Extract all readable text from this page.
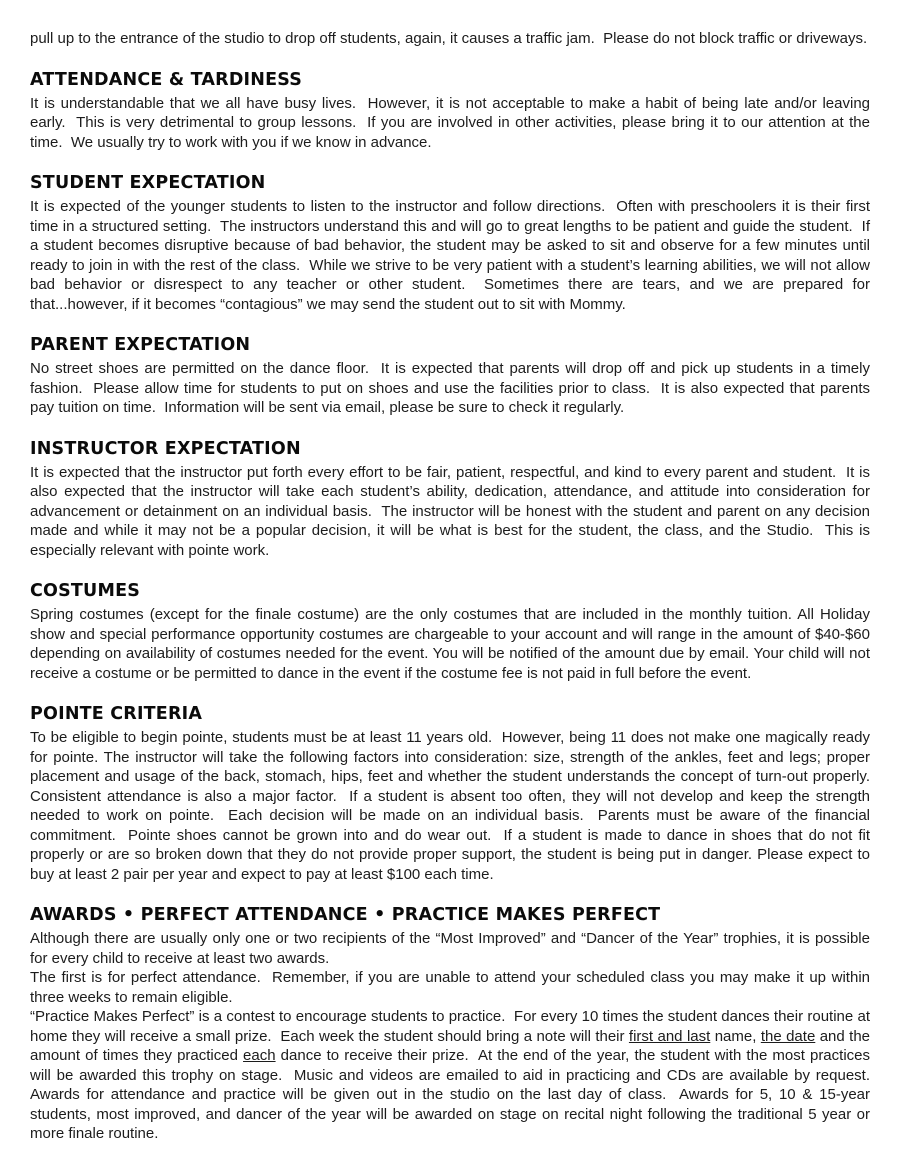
pull up to the entrance of the studio to drop off students, again, it causes a traffic jam.  Please do not block traffic or driveways.

ATTENDANCE & TARDINESS

It is understandable that we all have busy lives.  However, it is not acceptable to make a habit of being late and/or leaving early.  This is very detrimental to group lessons.  If you are involved in other activities, please bring it to our attention at the time.  We usually try to work with you if we know in advance.

STUDENT EXPECTATION

It is expected of the younger students to listen to the instructor and follow directions.  Often with preschoolers it is their first time in a structured setting.  The instructors understand this and will go to great lengths to be patient and guide the student.  If a student becomes disruptive because of bad behavior, the student may be asked to sit and observe for a few minutes until ready to join in with the rest of the class.  While we strive to be very patient with a student’s learning abilities, we will not allow bad behavior or disrespect to any teacher or other student.  Sometimes there are tears, and we are prepared for that...however, if it becomes “contagious” we may send the student out to sit with Mommy.

PARENT EXPECTATION

No street shoes are permitted on the dance floor.  It is expected that parents will drop off and pick up students in a timely fashion.  Please allow time for students to put on shoes and use the facilities prior to class.  It is also expected that parents pay tuition on time.  Information will be sent via email, please be sure to check it regularly.

INSTRUCTOR EXPECTATION

It is expected that the instructor put forth every effort to be fair, patient, respectful, and kind to every parent and student.  It is also expected that the instructor will take each student’s ability, dedication, attendance, and attitude into consideration for advancement or detainment on an individual basis.  The instructor will be honest with the student and parent on any decision made and while it may not be a popular decision, it will be what is best for the student, the class, and the Studio.  This is especially relevant with pointe work.

COSTUMES

Spring costumes (except for the finale costume) are the only costumes that are included in the monthly tuition. All Holiday show and special performance opportunity costumes are chargeable to your account and will range in the amount of $40-$60 depending on availability of costumes needed for the event. You will be notified of the amount due by email. Your child will not receive a costume or be permitted to dance in the event if the costume fee is not paid in full before the event.

POINTE CRITERIA

To be eligible to begin pointe, students must be at least 11 years old.  However, being 11 does not make one magically ready for pointe. The instructor will take the following factors into consideration: size, strength of the ankles, feet and legs; proper placement and usage of the back, stomach, hips, feet and whether the student understands the concept of turn-out properly.  Consistent attendance is also a major factor.  If a student is absent too often, they will not develop and keep the strength needed to work on pointe.  Each decision will be made on an individual basis.  Parents must be aware of the financial commitment.  Pointe shoes cannot be grown into and do wear out.  If a student is made to dance in shoes that do not fit properly or are so broken down that they do not provide proper support, the student is being put in danger. Please expect to buy at least 2 pair per year and expect to pay at least $100 each time.

AWARDS • PERFECT ATTENDANCE • PRACTICE MAKES PERFECT

Although there are usually only one or two recipients of the “Most Improved” and “Dancer of the Year” trophies, it is possible for every child to receive at least two awards.

The first is for perfect attendance.  Remember, if you are unable to attend your scheduled class you may make it up within three weeks to remain eligible.

“Practice Makes Perfect” is a contest to encourage students to practice.  For every 10 times the student dances their routine at home they will receive a small prize.  Each week the student should bring a note will their first and last name, the date and the amount of times they practiced each dance to receive their prize.  At the end of the year, the student with the most practices will be awarded this trophy on stage.  Music and videos are emailed to aid in practicing and CDs are available by request.   Awards for attendance and practice will be given out in the studio on the last day of class.  Awards for 5, 10 & 15-year students, most improved, and dancer of the year will be awarded on stage on recital night following the traditional 5 year or more finale routine.
